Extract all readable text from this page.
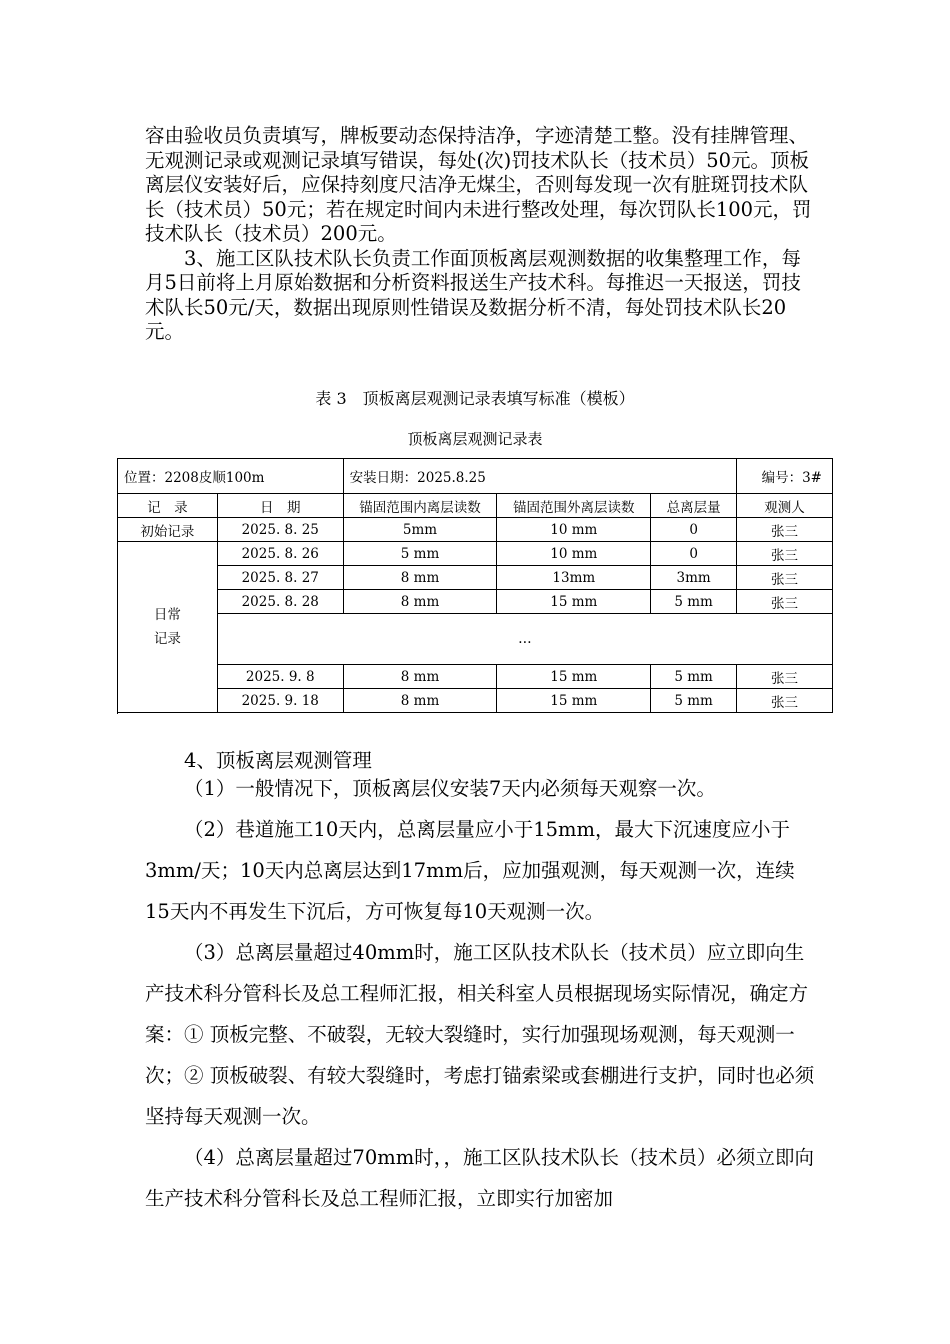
容由验收员负责填写，牌板要动态保持洁净，字迹清楚工整。没有挂牌管理、无观测记录或观测记录填写错误，每处(次)罚技术队长（技术员）50元。顶板离层仪安装好后，应保持刻度尺洁净无煤尘，否则每发现一次有脏斑罚技术队长（技术员）50元；若在规定时间内未进行整改处理，每次罚队长100元，罚技术队长（技术员）200元。

3、施工区队技术队长负责工作面顶板离层观测数据的收集整理工作，每月5日前将上月原始数据和分析资料报送生产技术科。每推迟一天报送，罚技术队长50元/天，数据出现原则性错误及数据分析不清，每处罚技术队长20元。

表 3　顶板离层观测记录表填写标准（模板）
顶板离层观测记录表
位置：2208皮顺100m		安装日期：2025.8.25			编号：3#
记　录	日　期	锚固范围内离层读数	锚固范围外离层读数	总离层量	观测人
初始记录	2025. 8. 25	5mm	10 mm	0	张三
日常
记录	2025. 8. 26	5 mm	10 mm	0	张三
	2025. 8. 27	8 mm	13mm	3mm	张三
	2025. 8. 28	8 mm	15 mm	5 mm	张三
	…				
	2025. 9. 8	8 mm	15 mm	5 mm	张三
	2025. 9. 18	8 mm	15 mm	5 mm	张三

4、顶板离层观测管理

（1）一般情况下，顶板离层仪安装7天内必须每天观察一次。

（2）巷道施工10天内，总离层量应小于15mm，最大下沉速度应小于3mm/天；10天内总离层达到17mm后，应加强观测，每天观测一次，连续15天内不再发生下沉后，方可恢复每10天观测一次。

（3）总离层量超过40mm时，施工区队技术队长（技术员）应立即向生产技术科分管科长及总工程师汇报，相关科室人员根据现场实际情况，确定方案：① 顶板完整、不破裂，无较大裂缝时，实行加强现场观测，每天观测一次；② 顶板破裂、有较大裂缝时，考虑打锚索梁或套棚进行支护，同时也必须坚持每天观测一次。

（4）总离层量超过70mm时，，施工区队技术队长（技术员）必须立即向生产技术科分管科长及总工程师汇报，立即实行加密加
